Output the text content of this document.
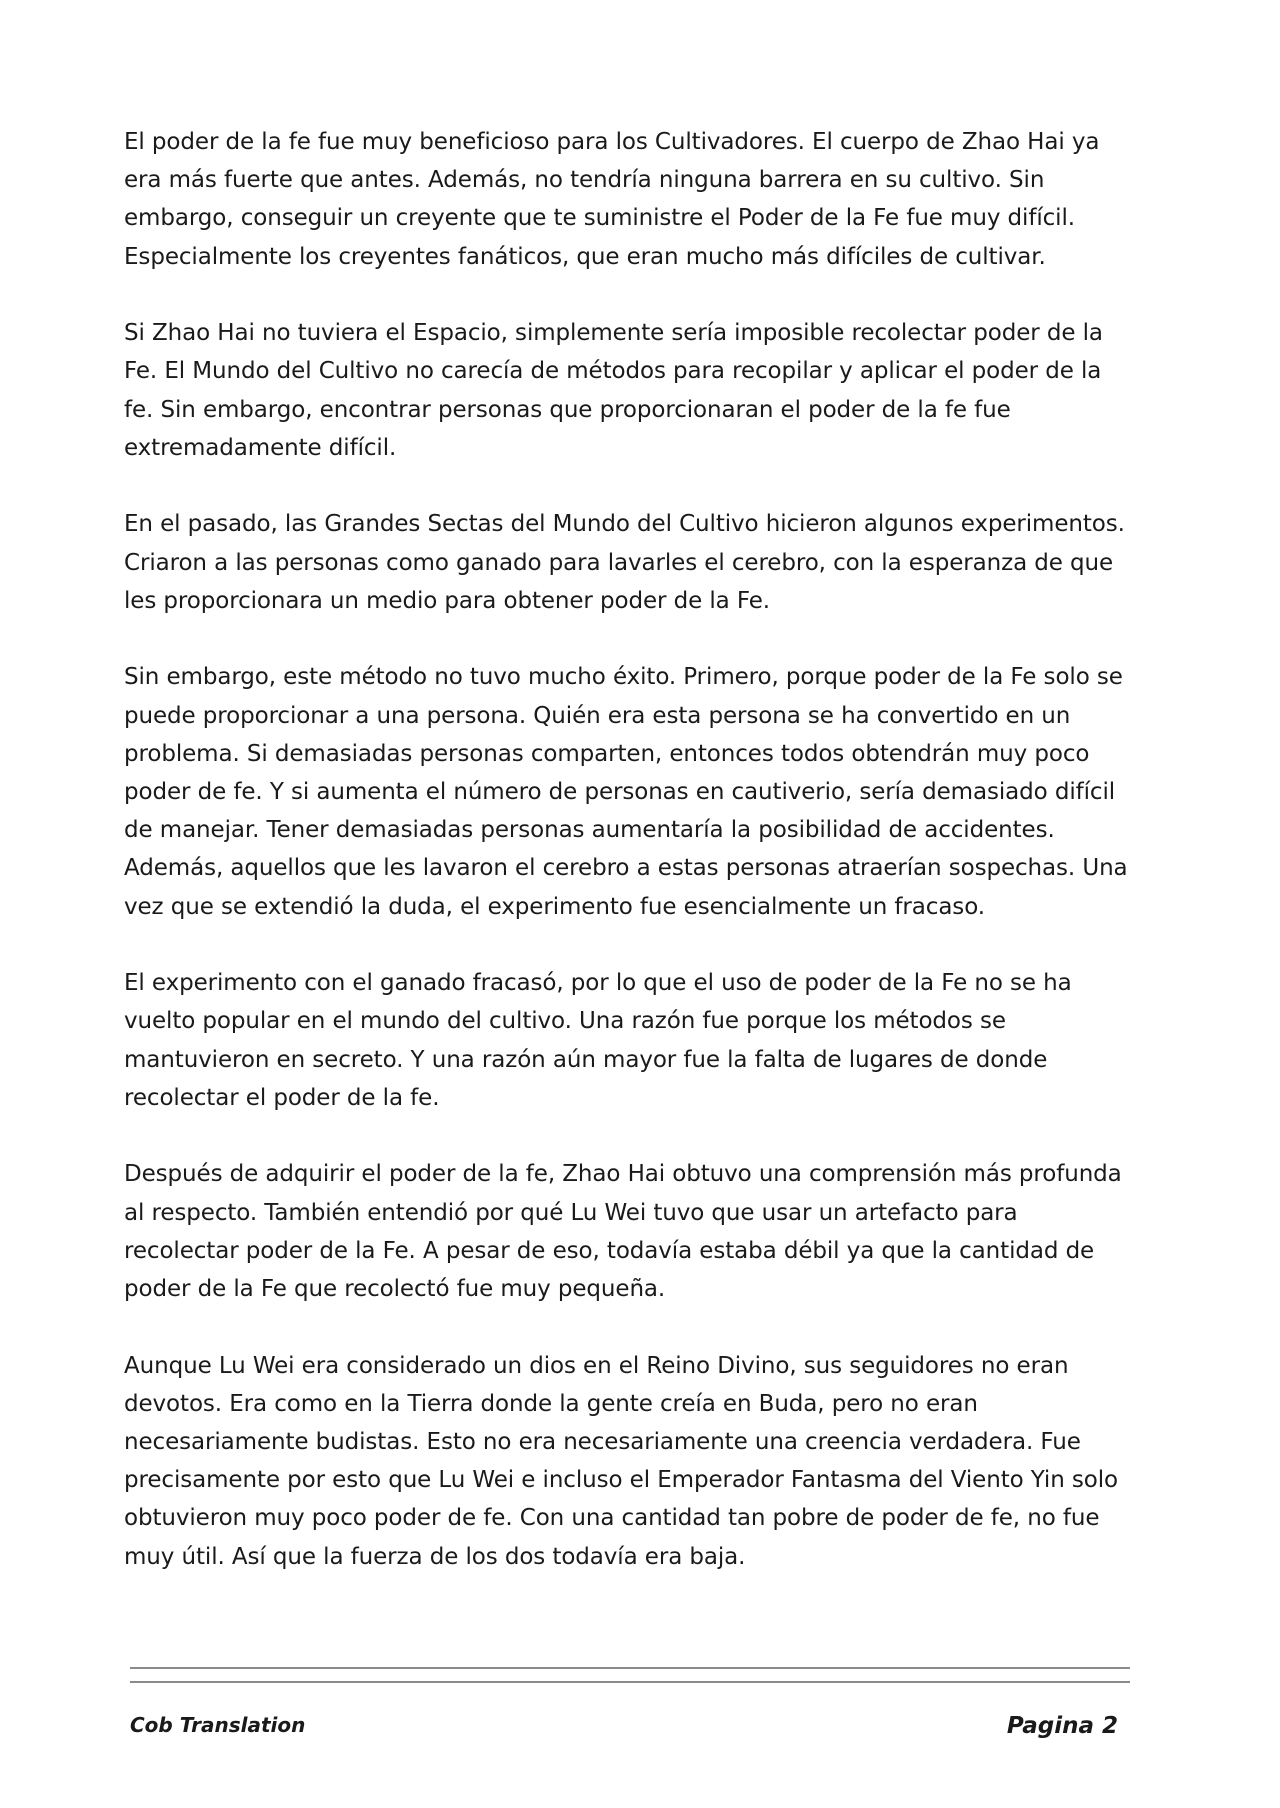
El poder de la fe fue muy beneficioso para los Cultivadores. El cuerpo de Zhao Hai ya era más fuerte que antes. Además, no tendría ninguna barrera en su cultivo. Sin embargo, conseguir un creyente que te suministre el Poder de la Fe fue muy difícil. Especialmente los creyentes fanáticos, que eran mucho más difíciles de cultivar.

Si Zhao Hai no tuviera el Espacio, simplemente sería imposible recolectar poder de la Fe. El Mundo del Cultivo no carecía de métodos para recopilar y aplicar el poder de la fe. Sin embargo, encontrar personas que proporcionaran el poder de la fe fue extremadamente difícil.

En el pasado, las Grandes Sectas del Mundo del Cultivo hicieron algunos experimentos. Criaron a las personas como ganado para lavarles el cerebro, con la esperanza de que les proporcionara un medio para obtener poder de la Fe.

Sin embargo, este método no tuvo mucho éxito. Primero, porque poder de la Fe solo se puede proporcionar a una persona. Quién era esta persona se ha convertido en un problema. Si demasiadas personas comparten, entonces todos obtendrán muy poco poder de fe. Y si aumenta el número de personas en cautiverio, sería demasiado difícil de manejar. Tener demasiadas personas aumentaría la posibilidad de accidentes. Además, aquellos que les lavaron el cerebro a estas personas atraerían sospechas. Una vez que se extendió la duda, el experimento fue esencialmente un fracaso.

El experimento con el ganado fracasó, por lo que el uso de poder de la Fe no se ha vuelto popular en el mundo del cultivo. Una razón fue porque los métodos se mantuvieron en secreto. Y una razón aún mayor fue la falta de lugares de donde recolectar el poder de la fe.

Después de adquirir el poder de la fe, Zhao Hai obtuvo una comprensión más profunda al respecto. También entendió por qué Lu Wei tuvo que usar un artefacto para recolectar poder de la Fe. A pesar de eso, todavía estaba débil ya que la cantidad de poder de la Fe que recolectó fue muy pequeña.

Aunque Lu Wei era considerado un dios en el Reino Divino, sus seguidores no eran devotos. Era como en la Tierra donde la gente creía en Buda, pero no eran necesariamente budistas. Esto no era necesariamente una creencia verdadera. Fue precisamente por esto que Lu Wei e incluso el Emperador Fantasma del Viento Yin solo obtuvieron muy poco poder de fe. Con una cantidad tan pobre de poder de fe, no fue muy útil. Así que la fuerza de los dos todavía era baja.

Cob Translation	Pagina 2
